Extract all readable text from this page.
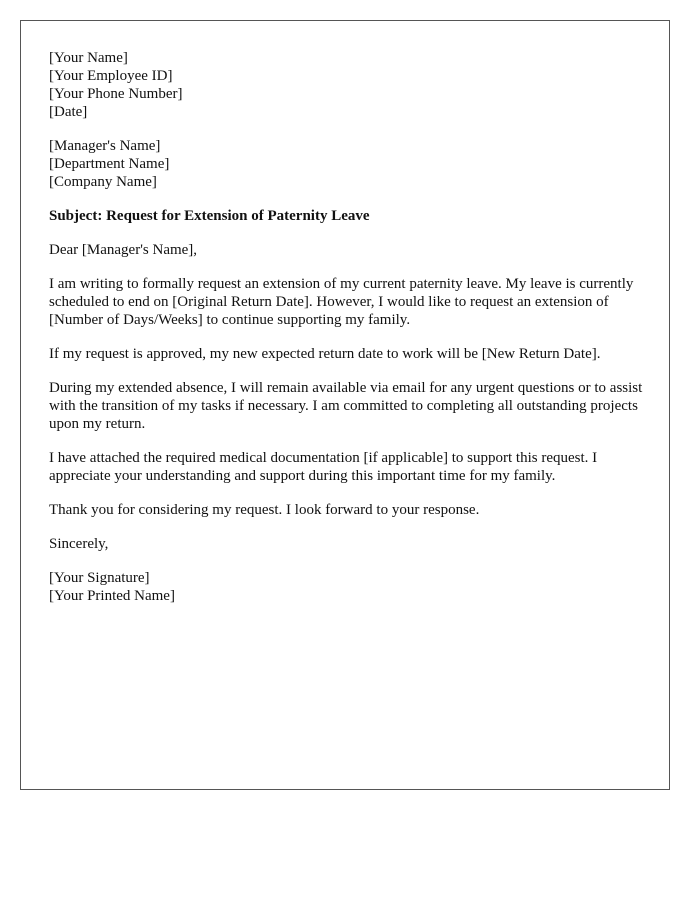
[Your Name]
[Your Employee ID]
[Your Phone Number]
[Date]
[Manager's Name]
[Department Name]
[Company Name]
Subject: Request for Extension of Paternity Leave

Dear [Manager's Name],

I am writing to formally request an extension of my current paternity leave. My leave is currently scheduled to end on [Original Return Date]. However, I would like to request an extension of [Number of Days/Weeks] to continue supporting my family.

If my request is approved, my new expected return date to work will be [New Return Date].

During my extended absence, I will remain available via email for any urgent questions or to assist with the transition of my tasks if necessary. I am committed to completing all outstanding projects upon my return.

I have attached the required medical documentation [if applicable] to support this request. I appreciate your understanding and support during this important time for my family.

Thank you for considering my request. I look forward to your response.

Sincerely,

[Your Signature]
[Your Printed Name]
